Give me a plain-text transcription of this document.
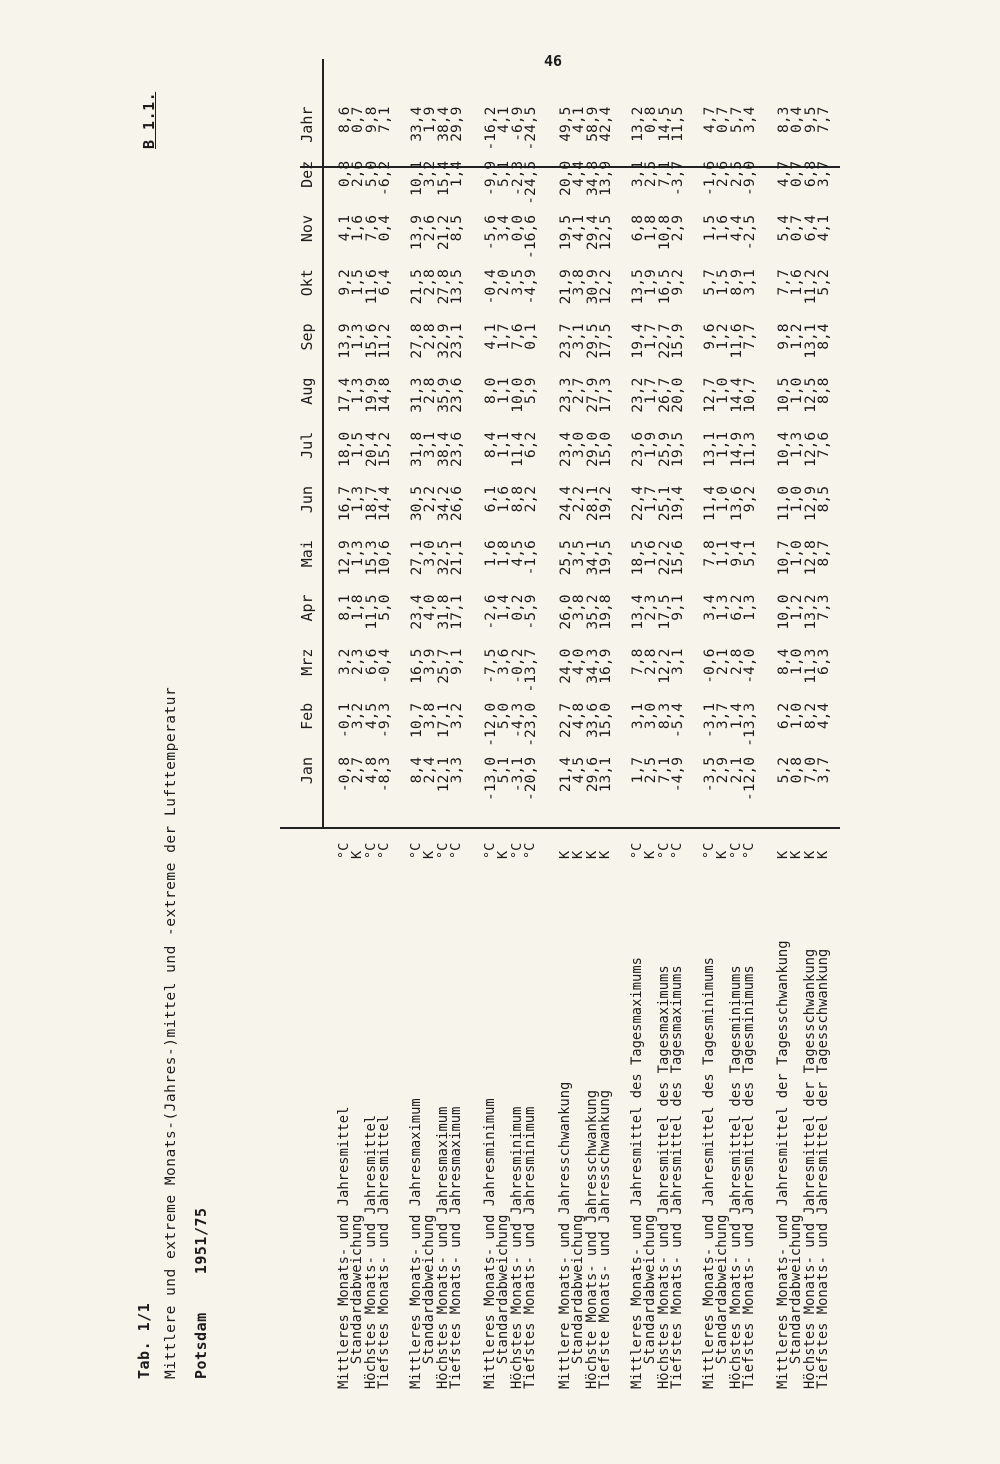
46
Tab. 1/1 Mittlere und extreme Monats-(Jahres-)mittel und -extreme der Lufttemperatur Potsdam    1951/75
B 1.1.
Jan
Feb
Mrz
Apr
Mai
Jun
Jul
Aug
Sep
Okt
Nov
Dez
Jahr
Mittleres Monats- und Jahresmittel
°C
-0,8
-0,1
3,2
8,1
12,9
16,7
18,0
17,4
13,9
9,2
4,1
0,8
8,6
Standardabweichung
K
2,7
3,2
2,3
1,8
1,3
1,3
1,5
1,3
1,3
1,5
1,6
2,6
0,7
Höchstes Monats- und Jahresmittel
°C
4,8
4,5
6,6
11,5
15,3
18,7
20,4
19,9
15,6
11,6
7,6
5,0
9,8
Tiefstes Monats- und Jahresmittel
°C
-8,3
-9,3
-0,4
5,0
10,6
14,4
15,2
14,8
11,2
6,4
0,4
-6,2
7,1
Mittleres Monats- und Jahresmaximum
°C
8,4
10,7
16,5
23,4
27,1
30,5
31,8
31,3
27,8
21,5
13,9
10,1
33,4
Standardabweichung
K
2,4
3,8
3,9
4,0
3,0
2,2
3,1
2,8
2,8
2,8
2,6
3,2
1,9
Höchstes Monats- und Jahresmaximum
°C
12,1
17,1
25,7
31,8
32,5
34,2
38,4
35,9
32,9
27,8
21,2
15,4
38,4
Tiefstes Monats- und Jahresmaximum
°C
3,3
3,2
9,1
17,1
21,1
26,6
23,6
23,6
23,1
13,5
8,5
1,4
29,9
Mittleres Monats- und Jahresminimum
°C
-13,0
-12,0
-7,5
-2,6
1,6
6,1
8,4
8,0
4,1
-0,4
-5,6
-9,9
-16,2
Standardabweichung
K
5,1
5,0
3,6
1,4
1,8
1,6
1,1
1,1
1,7
2,0
3,4
5,1
4,1
Höchstes Monats- und Jahresminimum
°C
-3,1
-4,3
-0,2
0,2
4,5
8,8
11,4
10,0
7,6
3,5
0,0
-2,3
-6,9
Tiefstes Monats- und Jahresminimum
°C
-20,9
-23,0
-13,7
-5,9
-1,6
2,2
6,2
5,9
0,1
-4,9
-16,6
-24,5
-24,5
Mittlere Monats- und Jahresschwankung
K
21,4
22,7
24,0
26,0
25,5
24,4
23,4
23,3
23,7
21,9
19,5
20,0
49,5
Standardabweichung
K
4,5
4,8
4,0
3,8
3,5
2,2
3,0
2,7
3,1
3,8
4,1
4,4
4,1
Höchste Monats- und Jahresschwankung
K
29,6
33,6
34,3
35,2
34,1
28,1
29,0
27,9
29,5
30,9
29,4
34,8
58,9
Tiefste Monats- und Jahresschwankung
K
13,1
15,0
16,9
19,8
19,5
19,2
15,0
17,3
17,5
12,2
12,5
13,9
42,4
Mittleres Monats- und Jahresmittel des Tagesmaximums
°C
1,7
3,1
7,8
13,4
18,5
22,4
23,6
23,2
19,4
13,5
6,8
3,1
13,2
Standardabweichung
K
2,5
3,0
2,8
2,3
1,6
1,7
1,9
1,7
1,7
1,9
1,8
2,5
0,8
Höchstes Monats- und Jahresmittel des Tagesmaximums
°C
7,1
8,3
12,2
17,5
22,2
25,1
25,9
26,7
22,7
16,5
10,8
7,1
14,5
Tiefstes Monats- und Jahresmittel des Tagesmaximums
°C
-4,9
-5,4
3,1
9,1
15,6
19,4
19,5
20,0
15,9
9,2
2,9
-3,7
11,5
Mittleres Monats- und Jahresmittel des Tagesminimums
°C
-3,5
-3,1
-0,6
3,4
7,8
11,4
13,1
12,7
9,6
5,7
1,5
-1,6
4,7
Standardabweichung
K
2,9
3,7
2,1
1,3
1,1
1,0
1,1
1,0
1,2
1,5
1,6
2,6
0,7
Höchstes Monats- und Jahresmittel des Tagesminimums
°C
2,1
1,4
2,8
6,2
9,4
13,6
14,9
14,4
11,6
8,9
4,4
2,5
5,7
Tiefstes Monats- und Jahresmittel des Tagesminimums
°C
-12,0
-13,3
-4,0
1,3
5,1
9,2
11,3
10,7
7,7
3,1
-2,5
-9,0
3,4
Mittleres Monats- und Jahresmittel der Tagesschwankung
K
5,2
6,2
8,4
10,0
10,7
11,0
10,4
10,5
9,8
7,7
5,4
4,7
8,3
Standardabweichung
K
0,8
1,0
1,0
1,2
1,0
1,0
1,3
1,0
1,2
1,6
0,7
0,7
0,4
Höchstes Monats- und Jahresmittel der Tagesschwankung
K
7,0
8,2
11,3
13,2
12,8
12,9
12,6
12,5
13,1
11,2
6,4
6,8
9,5
Tiefstes Monats- und Jahresmittel der Tagesschwankung
K
3,7
4,4
6,3
7,3
8,7
8,5
7,6
8,8
8,4
5,2
4,1
3,7
7,7
